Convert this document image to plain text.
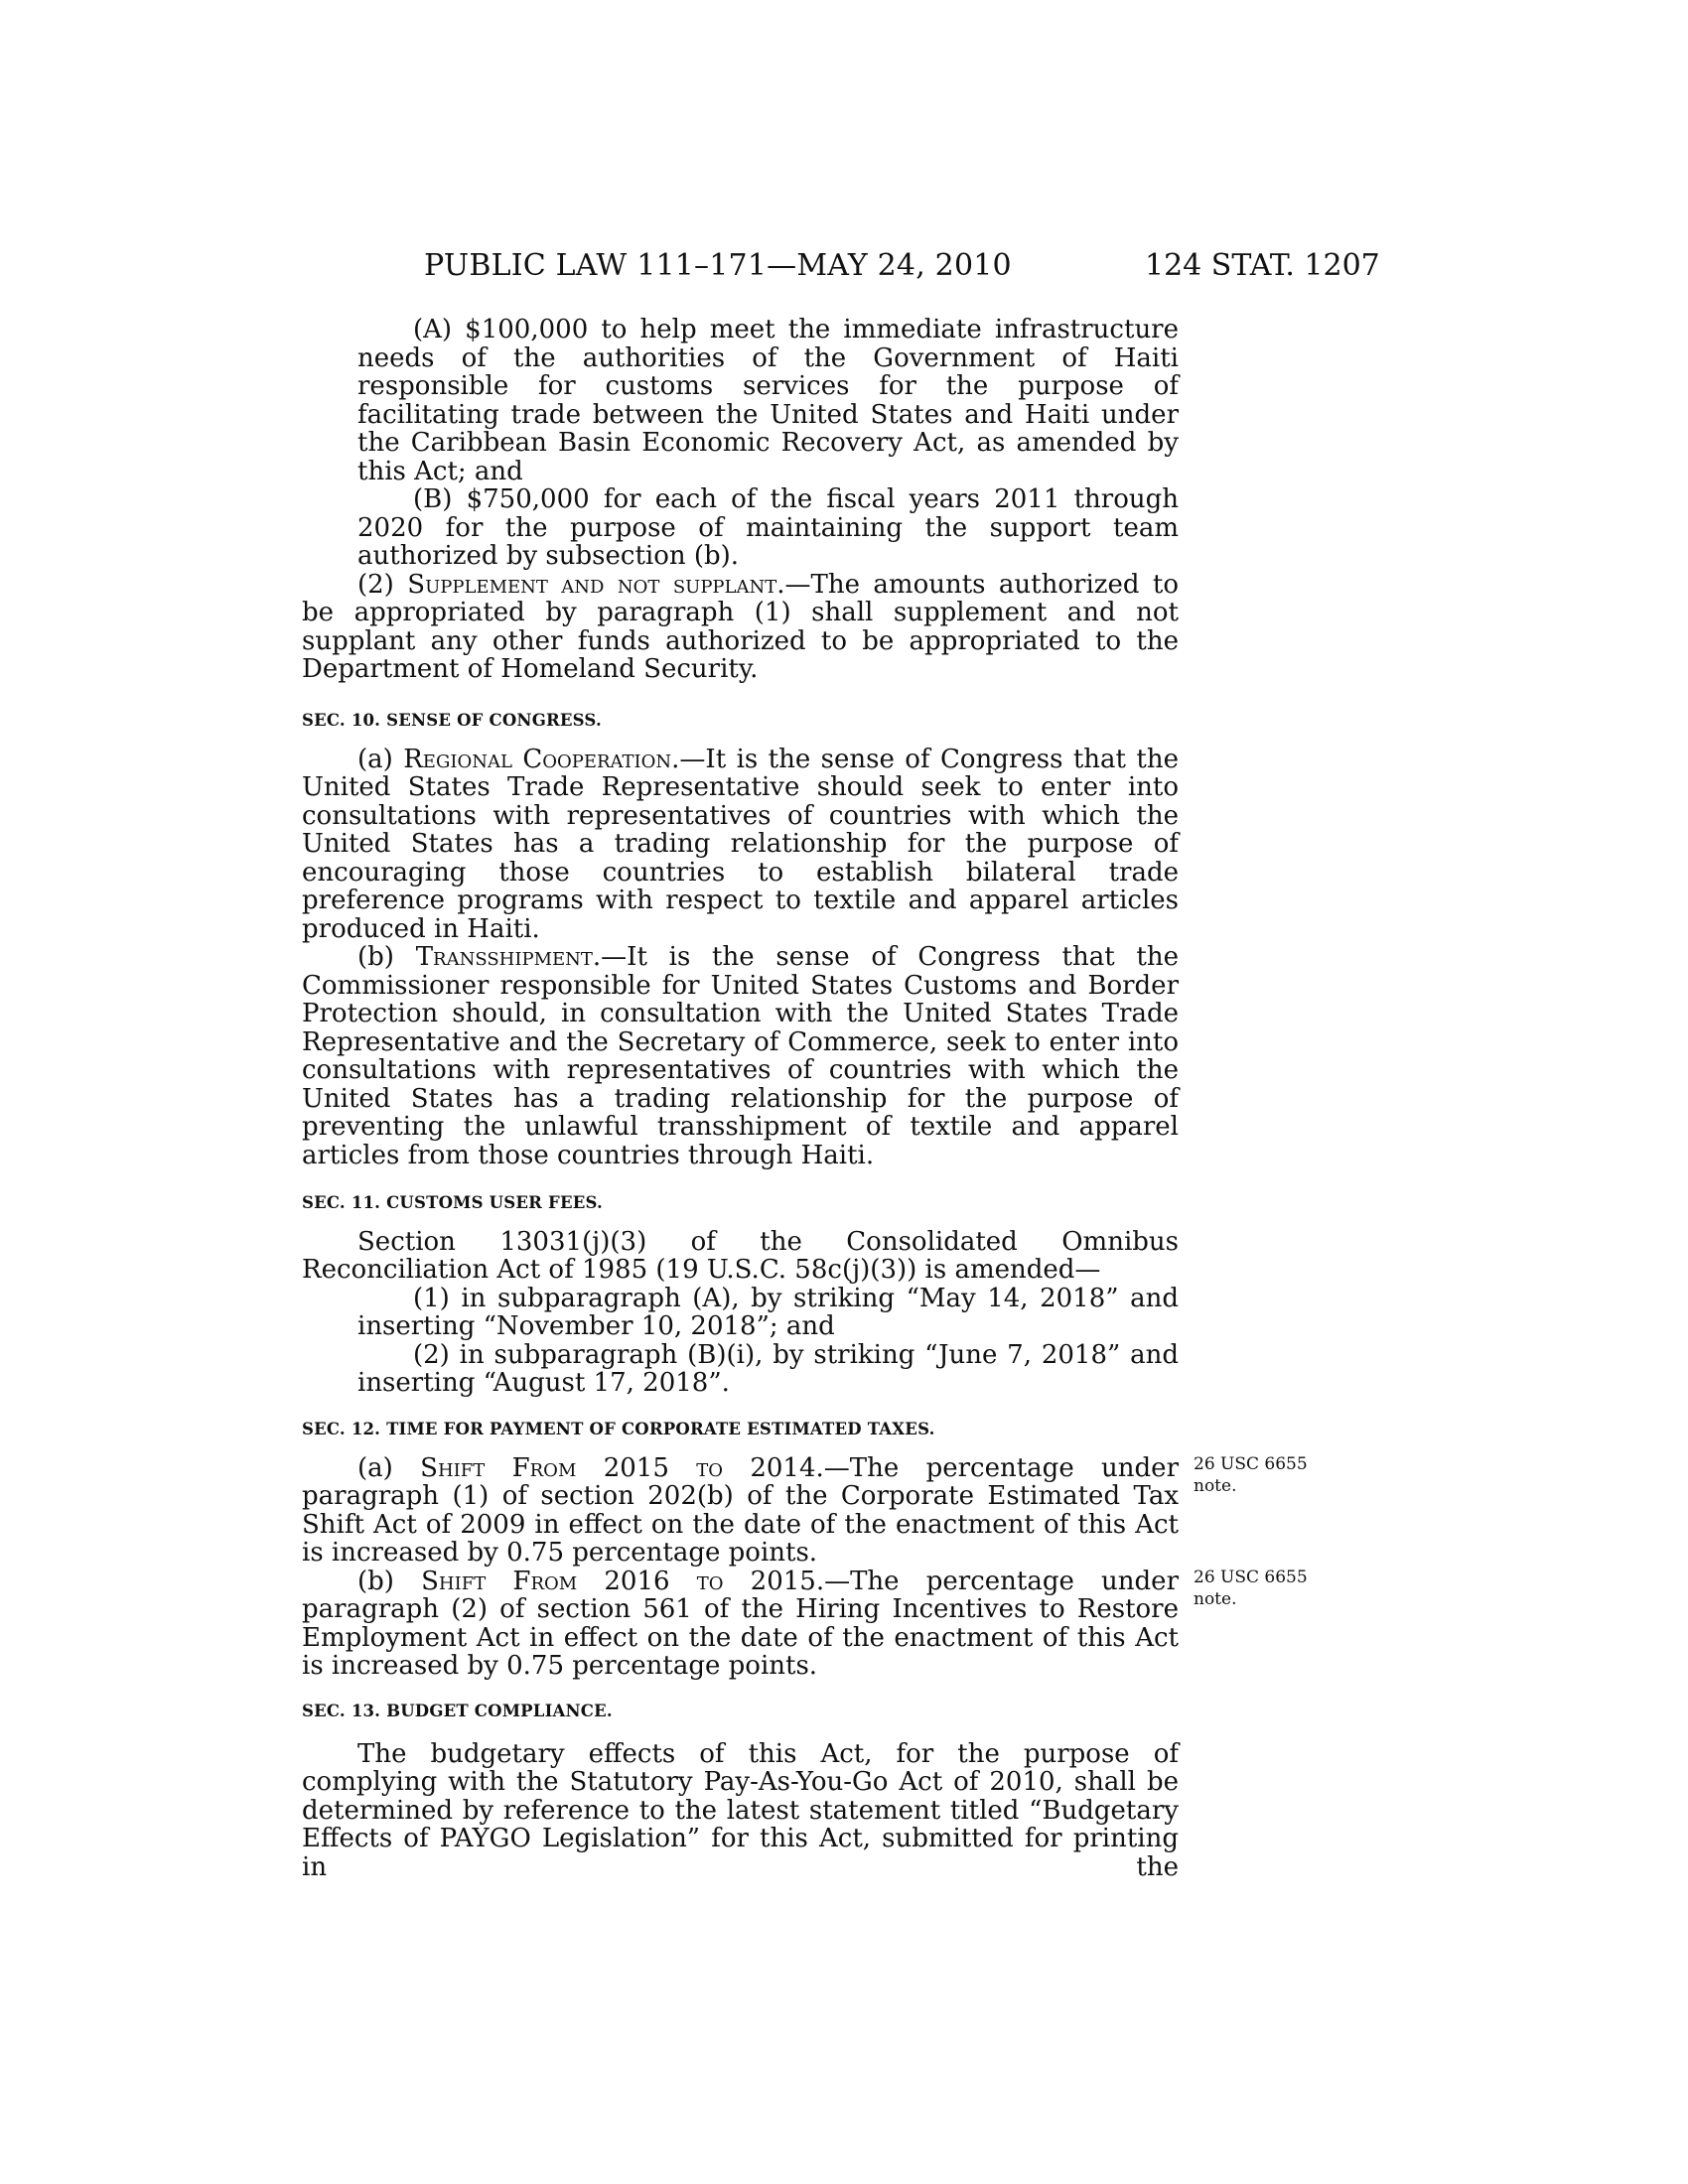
PUBLIC LAW 111–171—MAY 24, 2010	124 STAT. 1207

(A) $100,000 to help meet the immediate infrastructure needs of the authorities of the Government of Haiti responsible for customs services for the purpose of facilitating trade between the United States and Haiti under the Caribbean Basin Economic Recovery Act, as amended by this Act; and

(B) $750,000 for each of the fiscal years 2011 through 2020 for the purpose of maintaining the support team authorized by subsection (b).

(2) Supplement and not supplant.—The amounts authorized to be appropriated by paragraph (1) shall supplement and not supplant any other funds authorized to be appropriated to the Department of Homeland Security.

SEC. 10. SENSE OF CONGRESS.

(a) Regional Cooperation.—It is the sense of Congress that the United States Trade Representative should seek to enter into consultations with representatives of countries with which the United States has a trading relationship for the purpose of encouraging those countries to establish bilateral trade preference programs with respect to textile and apparel articles produced in Haiti.

(b) Transshipment.—It is the sense of Congress that the Commissioner responsible for United States Customs and Border Protection should, in consultation with the United States Trade Representative and the Secretary of Commerce, seek to enter into consultations with representatives of countries with which the United States has a trading relationship for the purpose of preventing the unlawful transshipment of textile and apparel articles from those countries through Haiti.

SEC. 11. CUSTOMS USER FEES.

Section 13031(j)(3) of the Consolidated Omnibus Reconciliation Act of 1985 (19 U.S.C. 58c(j)(3)) is amended—

(1) in subparagraph (A), by striking “May 14, 2018” and inserting “November 10, 2018”; and

(2) in subparagraph (B)(i), by striking “June 7, 2018” and inserting “August 17, 2018”.

SEC. 12. TIME FOR PAYMENT OF CORPORATE ESTIMATED TAXES.

(a) Shift From 2015 to 2014.—The percentage under paragraph (1) of section 202(b) of the Corporate Estimated Tax Shift Act of 2009 in effect on the date of the enactment of this Act is increased by 0.75 percentage points.

(b) Shift From 2016 to 2015.—The percentage under paragraph (2) of section 561 of the Hiring Incentives to Restore Employment Act in effect on the date of the enactment of this Act is increased by 0.75 percentage points.

26 USC 6655
note.
26 USC 6655
note.

SEC. 13. BUDGET COMPLIANCE.

The budgetary effects of this Act, for the purpose of complying with the Statutory Pay-As-You-Go Act of 2010, shall be determined by reference to the latest statement titled “Budgetary Effects of PAYGO Legislation” for this Act, submitted for printing in the
